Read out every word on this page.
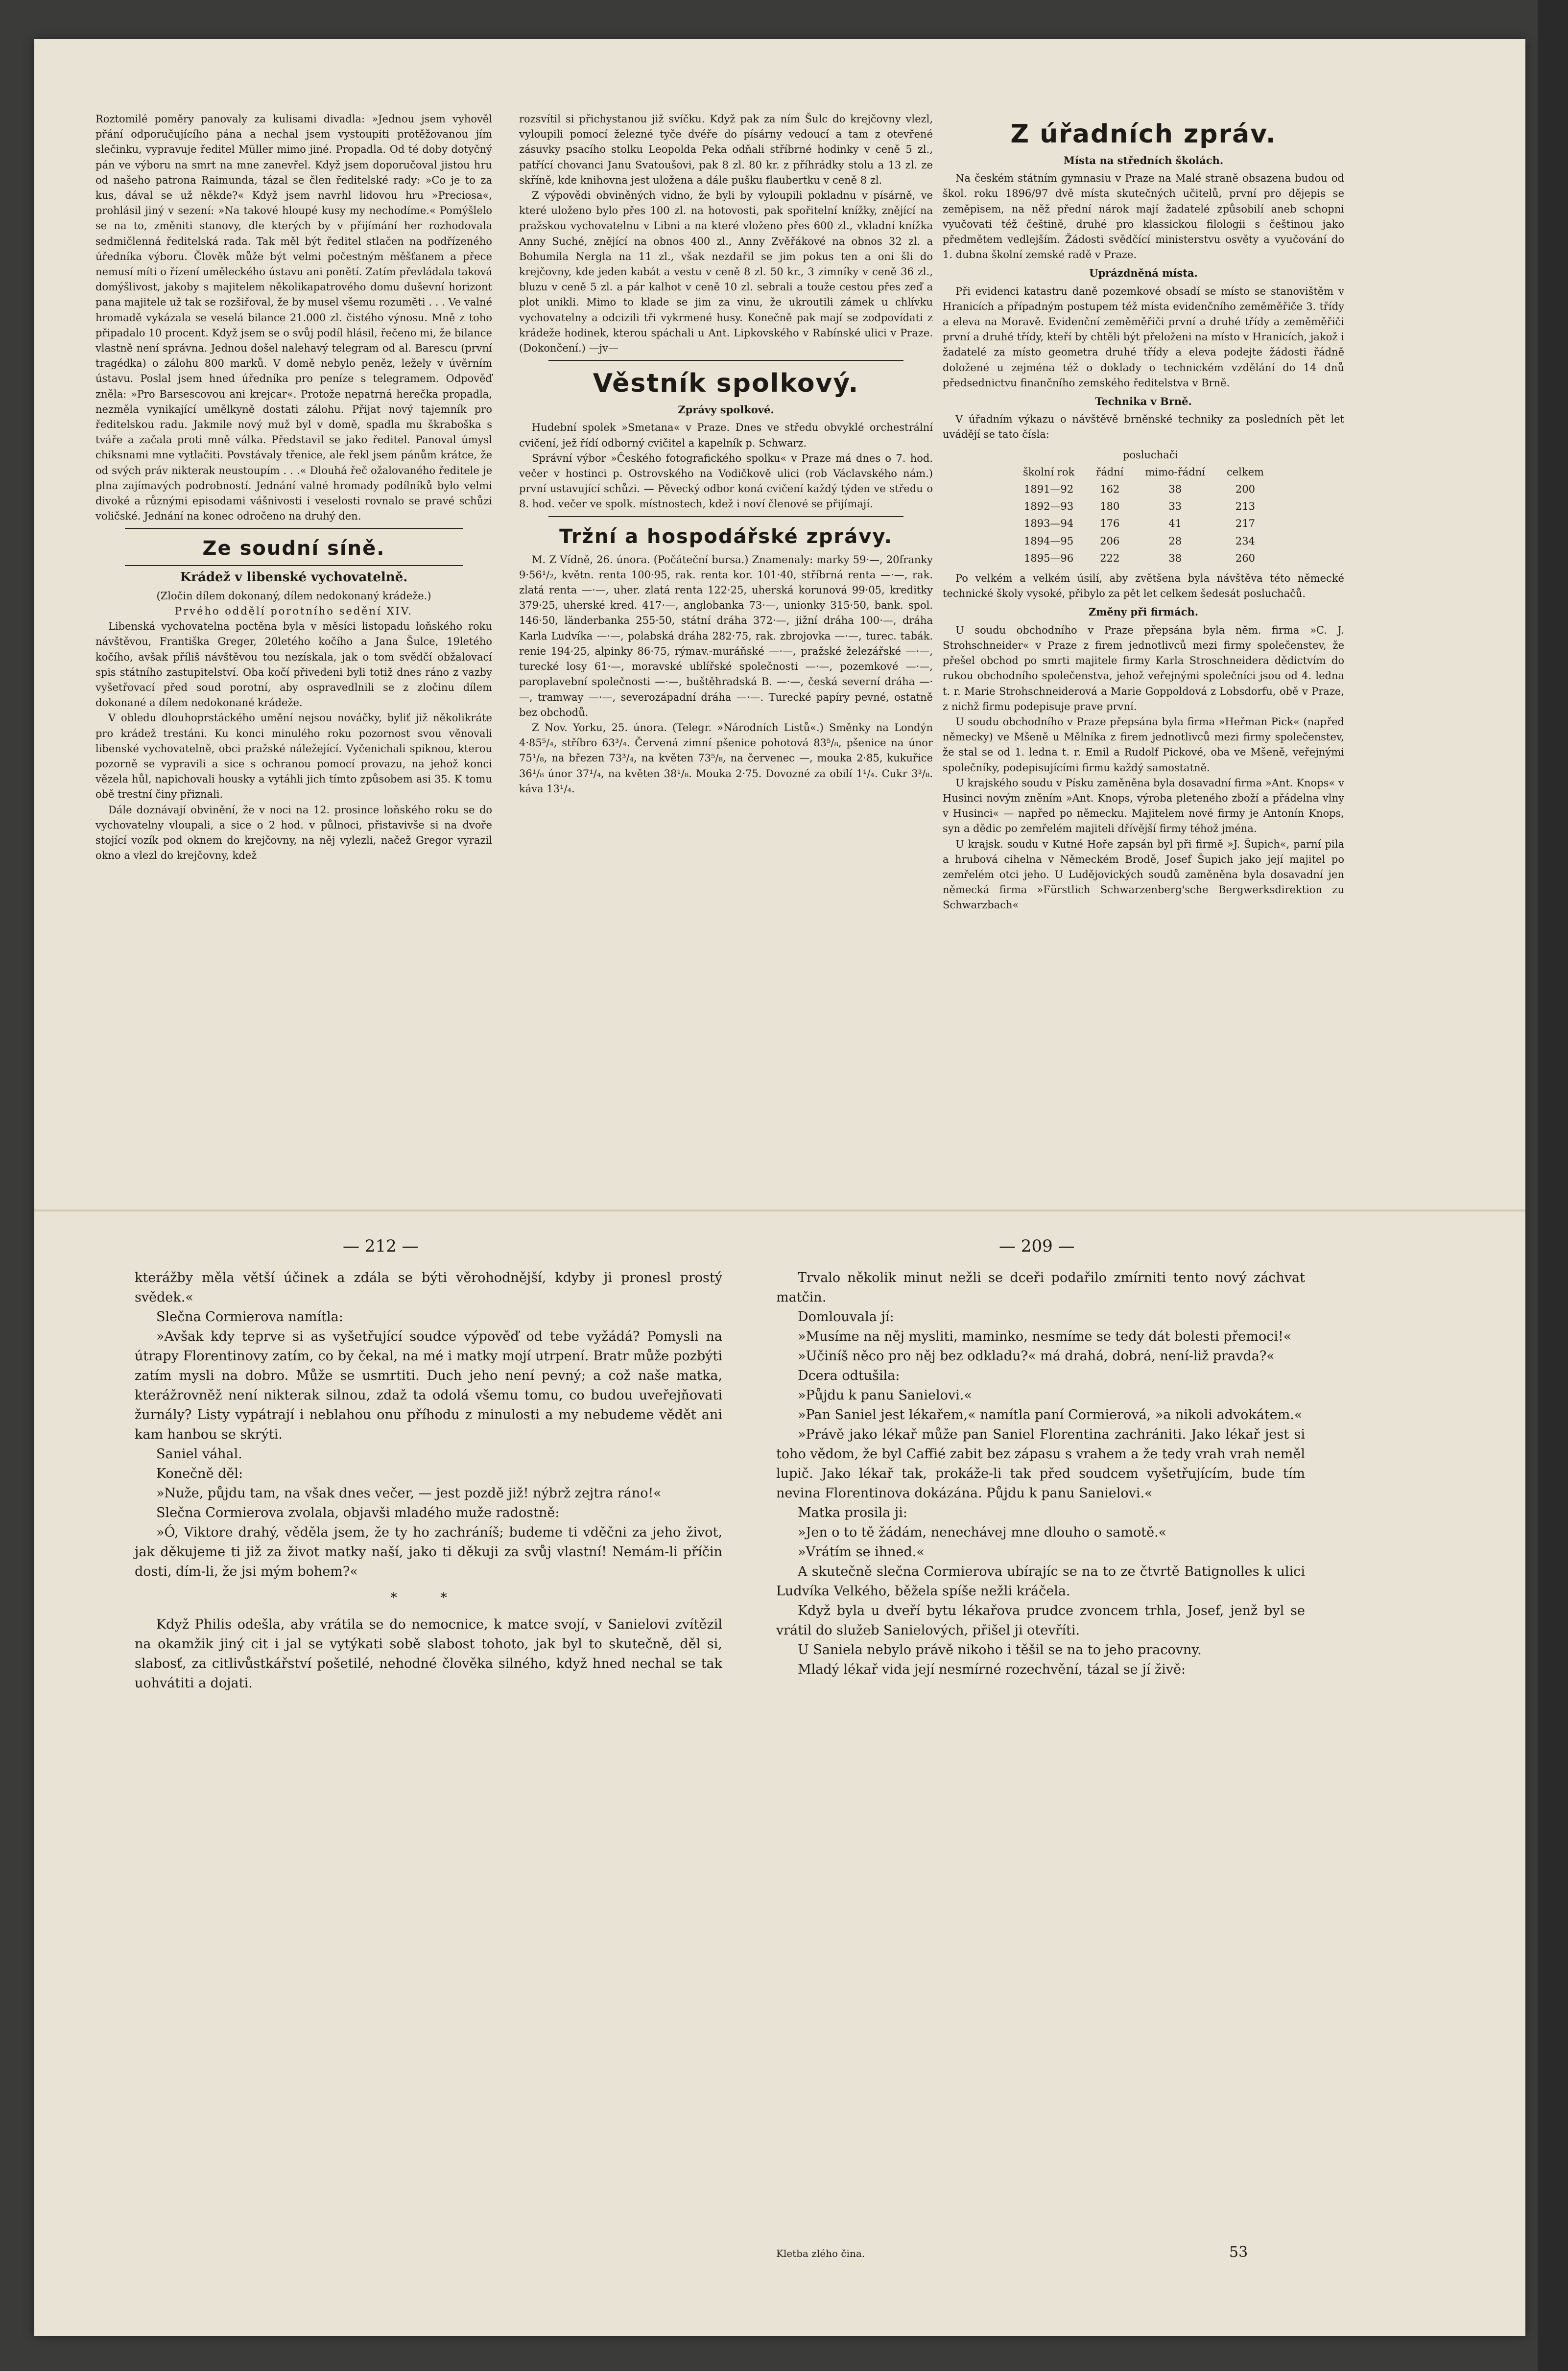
Roztomilé poměry panovaly za kulisami divadla: »Jednou jsem vyhověl přání odporučujícího pána a nechal jsem vystoupiti protěžovanou jím slečinku, vypravuje ředitel Müller mimo jiné. Propadla. Od té doby dotyčný pán ve výboru na smrt na mne zanevřel. Když jsem doporučoval jistou hru od našeho patrona Raimunda, tázal se člen ředitelské rady: »Co je to za kus, dával se už někde?« Když jsem navrhl lidovou hru »Preciosa«, prohlásil jiný v sezení: »Na takové hloupé kusy my nechodíme.« Pomýšlelo se na to, změniti stanovy, dle kterých by v přijímání her rozhodovala sedmičlenná ředitelská rada. Tak měl být ředitel stlačen na podřízeného úředníka výboru. Člověk může být velmi počestným měšťanem a přece nemusí míti o řízení uměleckého ústavu ani ponětí. Zatím převládala taková domýšlivost, jakoby s majitelem několikapatrového domu duševní horizont pana majitele už tak se rozšiřoval, že by musel všemu rozuměti . . . Ve valné hromadě vykázala se veselá bilance 21.000 zl. čistého výnosu. Mně z toho připadalo 10 procent. Když jsem se o svůj podíl hlásil, řečeno mi, že bilance vlastně není správna. Jednou došel nalehavý telegram od al. Barescu (první tragédka) o zálohu 800 marků. V domě nebylo peněz, ležely v úvěrním ústavu. Poslal jsem hned úředníka pro peníze s telegramem. Odpověď zněla: »Pro Barsescovou ani krejcar«. Protože nepatrná herečka propadla, nezměla vynikající umělkyně dostati zálohu. Přijat nový tajemník pro ředitelskou radu. Jakmile nový muž byl v domě, spadla mu škraboška s tváře a začala proti mně válka. Představil se jako ředitel. Panoval úmysl chiksnami mne vytlačiti. Povstávaly třenice, ale řekl jsem pánům krátce, že od svých práv nikterak neustoupím . . .« Dlouhá řeč ožalovaného ředitele je plna zajímavých podrobností. Jednání valné hromady podílníků bylo velmi divoké a různými episodami vášnivosti i veselosti rovnalo se pravé schůzi voličské. Jednání na konec odročeno na druhý den.

Ze soudní síně.
Krádež v libenské vychovatelně.
(Zločin dílem dokonaný, dílem nedokonaný krádeže.)
Prvého oddělí porotního sedění XIV.

Libenská vychovatelna poctěna byla v měsíci listopadu loňského roku návštěvou, Františka Greger, 20letého kočího a Jana Šulce, 19letého kočího, avšak příliš návštěvou tou nezískala, jak o tom svědčí obžalovací spis státního zastupitelství. Oba kočí přivedeni byli totiž dnes ráno z vazby vyšetřovací před soud porotní, aby ospravedlnili se z zločinu dílem dokonané a dílem nedokonané krádeže.

V obledu dlouhoprstáckého umění nejsou nováčky, byliť již několikráte pro krádež trestáni. Ku konci minulého roku pozornost svou věnovali libenské vychovatelně, obci pražské náležející. Vyčenichali spiknou, kterou pozorně se vypravili a sice s ochranou pomocí provazu, na jehož konci vězela hůl, napichovali housky a vytáhli jich tímto způsobem asi 35. K tomu obě trestní činy přiznali.

Dále dozn​ávají obvinění, že v noci na 12. prosince loňského roku se do vychovatelny vloupali, a sice o 2 hod. v půlnoci, přistavivše si na dvoře stojící vozík pod oknem do krejčovny, na něj vylezli, načež Gregor vyrazil okno a vlezl do krejčovny, kdež

rozsvítil si přichystanou již svíčku. Když pak za ním Šulc do krejčovny vlezl, vyloupili pomocí železné tyče dvéře do písárny vedoucí a tam z otevřené zásuvky psacího stolku Leopolda Peka odňali stříbrné hodinky v ceně 5 zl., patřící chovanci Janu Svatoušovi, pak 8 zl. 80 kr. z příhrádky stolu a 13 zl. ze skříně, kde knihovna jest uložena a dále pušku flaubertku v ceně 8 zl.

Z výpovědi obviněných vidno, že byli by vyloupili pokladnu v písárně, ve které uloženo bylo přes 100 zl. na hotovosti, pak spořitelní knížky, znějící na pražskou vychovatelnu v Libni a na které vloženo přes 600 zl., vkladní knížka Anny Suché, znějící na obnos 400 zl., Anny Zvěřákové na obnos 32 zl. a Bohumila Nergla na 11 zl., však nezdařil se jim pokus ten a oni šli do krejčovny, kde jeden kabát a vestu v ceně 8 zl. 50 kr., 3 zimníky v ceně 36 zl., bluzu v ceně 5 zl. a pár kalhot v ceně 10 zl. sebrali a touže cestou přes zeď a plot unikli. Mimo to klade se jim za vinu, že ukroutili zámek u chlívku vychovatelny a odcizili tři vykrmené husy. Konečně pak mají se zodpovídati z krádeže hodinek, kterou spáchali u Ant. Lipkovského v Rabínské ulici v Praze. (Dokončení.) —jv—

Věstník spolkový.
Zprávy spolkové.

Hudební spolek »Smetana« v Praze. Dnes ve středu obvyklé orchestrální cvičení, jež řídí odborný cvičitel a kapelník p. Schwarz.

Správní výbor »Českého fotografického spolku« v Praze má dnes o 7. hod. večer v hostinci p. Ostrovského na Vodičkově ulici (rob Václavského nám.) první ustavující schůzi. — Pěvecký odbor koná cvičení každý týden ve středu o 8. hod. večer ve spolk. místnostech, kdež i noví členové se přijímají.

Tržní a hospodářské zprávy.

M. Z Vídně, 26. února. (Počáteční bursa.) Znamenaly: marky 59·—, 20franky 9·56¹/₂, květn. renta 100·95, rak. renta kor. 101·40, stříbrná renta —·—, rak. zlatá renta —·—, uher. zlatá renta 122·25, uherská korunová 99·05, kreditky 379·25, uherské kred. 417·—, anglobanka 73·—, unionky 315·50, bank. spol. 146·50, länderbanka 255·50, státní dráha 372·—, jižní dráha 100·—, dráha Karla Ludvíka —·—, polabská dráha 282·75, rak. zbrojovka —·—, turec. tabák. renie 194·25, alpinky 86·75, rýmav.-muráňské —·—, pražské železářské —·—, turecké losy 61·—, moravské ublířské společnosti —·—, pozemkové —·—, paroplavební společnosti —·—, buštěhradská B. —·—, česká severní dráha —·—, tramway —·—, severozápadní dráha —·—. Turecké papíry pevné, ostatně bez obchodů.

Z Nov. Yorku, 25. února. (Telegr. »Národních Listů«.) Směnky na Londýn 4·85⁵/₄, stříbro 63³/₄. Červená zimní pšenice pohotová 83⁵/₈, pšenice na únor 75¹/₈, na březen 73³/₄, na květen 73⁵/₈, na červenec —, mouka 2·85, kukuřice 36¹/₈ únor 37¹/₄, na květen 38¹/₈. Mouka 2·75. Dovozné za obilí 1¹/₄. Cukr 3³/₈. káva 13¹/₄.

Z úřadních zpráv.
Místa na středních školách.

Na českém státním gymnasiu v Praze na Malé straně obsazena budou od škol. roku 1896/97 dvě místa skutečných učitelů, první pro dějepis se zeměpisem, na něž přední nárok mají žadatelé způsobilí aneb schopni vyučovati též češtině, druhé pro klassickou filologii s češtinou jako předmětem vedlejším. Žádosti svědčící ministerstvu osvěty a vyučování do 1. dubna školní zemské radě v Praze.

Uprázdněná místa.

Při evidenci katastru daně pozemkové obsadí se místo se stanovištěm v Hranicích a případným postupem též místa evidenčního zeměměřiče 3. třídy a eleva na Moravě. Evidenční zeměměřiči první a druhé třídy a zeměměřiči první a druhé třídy, kteří by chtěli být přeloženi na místo v Hranicích, jakož i žadatelé za místo geometra druhé třídy a eleva podejte žádosti řádně doložené u zejména též o doklady o technickém vzdělání do 14 dnů předsednictvu finančního zemského ředitelstva v Brně.

Technika v Brně.

V úřadním výkazu o návštěvě brněnské techniky za posledních pět let uvádějí se tato čísla:

	posluchači		
školní rok	řádní	mimo-řádní	celkem
1891—92	162	38	200
1892—93	180	33	213
1893—94	176	41	217
1894—95	206	28	234
1895—96	222	38	260

Po velkém a velkém úsilí, aby zvětšena byla návštěva této německé technické školy vysoké, přibylo za pět let celkem šedesát posluchačů.

Změny při firmách.

U soudu obchodního v Praze přepsána byla něm. firma »C. J. Strohschneider« v Praze z firem jednotlivců mezi firmy společenstev, že přešel obchod po smrti majitele firmy Karla Stroschneidera dědictvím do rukou obchodního společenstva, jehož veřejnými společníci jsou od 4. ledna t. r. Marie Strohschneiderová a Marie Goppoldová z Lobsdorfu, obě v Praze, z nichž firmu podepisuje prave první.

U soudu obchodního v Praze přepsána byla firma »Heřman Pick« (napřed německy) ve Mšeně u Mělníka z firem jednotlivců mezi firmy společenstev, že stal se od 1. ledna t. r. Emil a Rudolf Pickové, oba ve Mšeně, veřejnými společníky, podepisujícími firmu každý samostatně.

U krajského soudu v Písku zaměněna byla dosavadní firma »Ant. Knops« v Husinci novým zněním »Ant. Knops, výroba pleteného zboží a přádelna vlny v Husinci« — napřed po německu. Majitelem nové firmy je Antonín Knops, syn a dědic po zemřelém majiteli dřívější firmy téhož jména.

U krajsk. soudu v Kutné Hoře zapsán byl při firmě »J. Šupich«, parní pila a hrubová cihelna v Německém Brodě, Josef Šupich jako její majitel po zemřelém otci jeho. U Ludějovických soudů zaměněna byla dosavadní jen německá firma »Fürstlich Schwarzenberg'sche Bergwerksdirektion zu Schwarzbach«

— 212 —	— 209 —

kterážby měla větší účinek a zdála se býti věrohodnější, kdyby ji pronesl prostý svědek.«

Slečna Cormierova namítla:

»Avšak kdy teprve si as vyšetřující soudce výpověď od tebe vyžádá? Pomysli na útrapy Florentinovy zatím, co by čekal, na mé i matky mojí utrpení. Bratr může pozbýti zatím mysli na dobro. Může se usmrtiti. Duch jeho není pevný; a což naše matka, kterážrovněž není nikterak silnou, zdaž ta odolá všemu tomu, co budou uveřejňovati žurnály? Listy vypátrají i neblahou onu příhodu z minulosti a my nebudeme vědět ani kam hanbou se skrýti.

Saniel váhal.

Konečně děl:

»Nuže, půjdu tam, na však dnes večer, — jest pozdě již! nýbrž zejtra ráno!«

Slečna Cormierova zvolala, objavši mladého muže radostně:

»Ó, Viktore drahý, věděla jsem, že ty ho zachráníš; budeme ti vděčni za jeho život, jak děkujeme ti již za život matky naší, jako ti děkuji za svůj vlastní! Nemám-li příčin dosti, dím-li, že jsi mým bohem?«

* *

Když Philis odešla, aby vrátila se do nemocnice, k matce svojí, v Sanielovi zvítězil na okamžik jiný cit i jal se vytýkati sobě slabost tohoto, jak byl to skutečně, děl si, slabosť, za citlivůstkářství pošetilé, nehodné člověka silného, když hned nechal se tak uohvátiti a dojati.

Trvalo několik minut nežli se dceři podařilo zmírniti tento nový záchvat matčin.

Domlouvala jí:

»Musíme na něj mysliti, maminko, nesmíme se tedy dát bolesti přemoci!«

»Učiníš něco pro něj bez odkladu?« má drahá, dobrá, není-liž pravda?«

Dcera odtušila:

»Půjdu k panu Sanielovi.«

»Pan Saniel jest lékařem,« namítla paní Cormierová, »a nikoli advokátem.«

»Právě jako lékař může pan Saniel Florentina zachrániti. Jako lékař jest si toho vědom, že byl Caffié zabit bez zápasu s vrahem a že tedy vrah vrah neměl lupič. Jako lékař tak, prokáže-li tak před soudcem vyšetřujícím, bude tím nevina Florentinova dokázána. Půjdu k panu Sanielovi.«

Matka prosila ji:

»Jen o to tě žádám, nenechávej mne dlouho o samotě.«

»Vrátím se ihned.«

A skutečně slečna Cormierova ubírajíc se na to ze čtvrtě Batignolles k ulici Ludvíka Velkého, běžela spíše nežli kráčela.

Když byla u dveří bytu lékařova prudce zvoncem trhla, Josef, jenž byl se vrátil do služeb Sanielových, přišel ji otevříti.

U Saniela nebylo právě nikoho i těšil se na to jeho pracovny.

Mladý lékař vida její nesmírné rozechvění, tázal se jí živě:

Kletba zlého čina.	53
